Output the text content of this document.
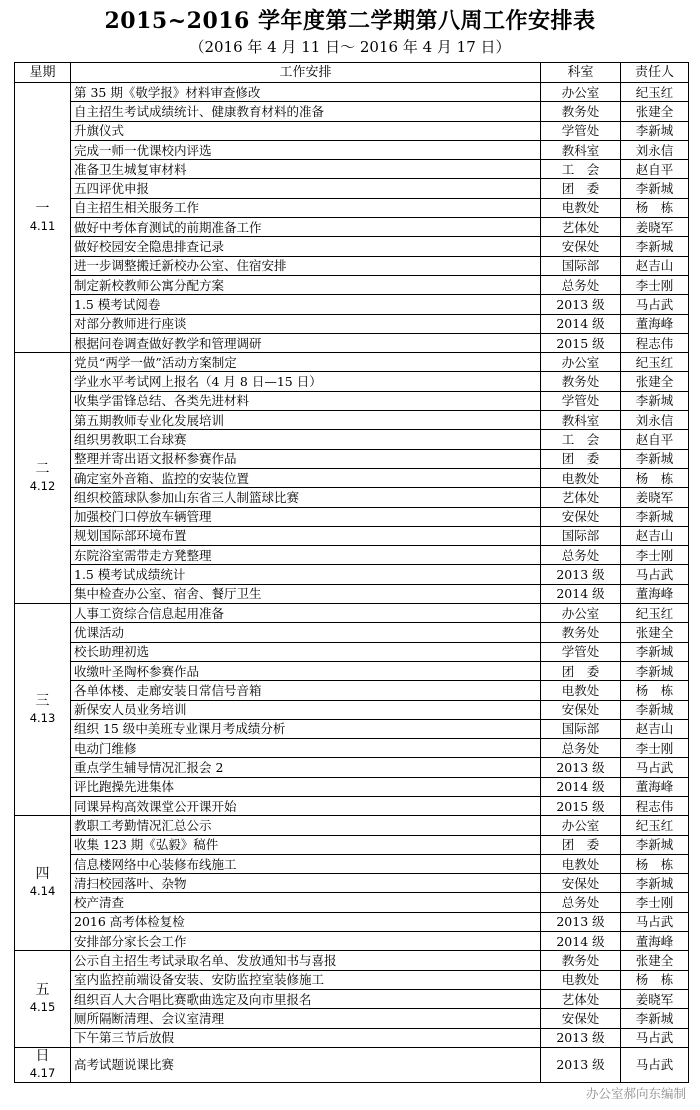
2015~2016 学年度第二学期第八周工作安排表
（2016 年 4 月 11 日～ 2016 年 4 月 17 日）
星期	工作安排	科室	责任人

一
4.11	第 35 期《敬学报》材料审查修改	办公室	纪玉红
	自主招生考试成绩统计、健康教育材料的准备	教务处	张建全
	升旗仪式	学管处	李新城
	完成一师一优课校内评选	教科室	刘永信
	准备卫生城复审材料	工　会	赵自平
	五四评优申报	团　委	李新城
	自主招生相关服务工作	电教处	杨　栋
	做好中考体育测试的前期准备工作	艺体处	姜晓军
	做好校园安全隐患排查记录	安保处	李新城
	进一步调整搬迁新校办公室、住宿安排	国际部	赵吉山
	制定新校教师公寓分配方案	总务处	李士刚
	1.5 模考试阅卷	2013 级	马占武
	对部分教师进行座谈	2014 级	董海峰
	根据问卷调查做好教学和管理调研	2015 级	程志伟

二
4.12	党员“两学一做”活动方案制定	办公室	纪玉红
	学业水平考试网上报名（4 月 8 日—15 日）	教务处	张建全
	收集学雷锋总结、各类先进材料	学管处	李新城
	第五期教师专业化发展培训	教科室	刘永信
	组织男教职工台球赛	工　会	赵自平
	整理并寄出语文报杯参赛作品	团　委	李新城
	确定室外音箱、监控的安装位置	电教处	杨　栋
	组织校篮球队参加山东省三人制篮球比赛	艺体处	姜晓军
	加强校门口停放车辆管理	安保处	李新城
	规划国际部环境布置	国际部	赵吉山
	东院浴室需带走方凳整理	总务处	李士刚
	1.5 模考试成绩统计	2013 级	马占武
	集中检查办公室、宿舍、餐厅卫生	2014 级	董海峰

三
4.13	人事工资综合信息起用准备	办公室	纪玉红
	优课活动	教务处	张建全
	校长助理初选	学管处	李新城
	收缴叶圣陶杯参赛作品	团　委	李新城
	各单体楼、走廊安装日常信号音箱	电教处	杨　栋
	新保安人员业务培训	安保处	李新城
	组织 15 级中美班专业课月考成绩分析	国际部	赵吉山
	电动门维修	总务处	李士刚
	重点学生辅导情况汇报会 2	2013 级	马占武
	评比跑操先进集体	2014 级	董海峰
	同课异构高效课堂公开课开始	2015 级	程志伟

四
4.14	教职工考勤情况汇总公示	办公室	纪玉红
	收集 123 期《弘毅》稿件	团　委	李新城
	信息楼网络中心装修布线施工	电教处	杨　栋
	清扫校园落叶、杂物	安保处	李新城
	校产清查	总务处	李士刚
	2016 高考体检复检	2013 级	马占武
	安排部分家长会工作	2014 级	董海峰

五
4.15	公示自主招生考试录取名单、发放通知书与喜报	教务处	张建全
	室内监控前端设备安装、安防监控室装修施工	电教处	杨　栋
	组织百人大合唱比赛歌曲选定及向市里报名	艺体处	姜晓军
	厕所隔断清理、会议室清理	安保处	李新城
	下午第三节后放假	2013 级	马占武

日
4.17	高考试题说课比赛	2013 级	马占武
办公室郝向东编制
